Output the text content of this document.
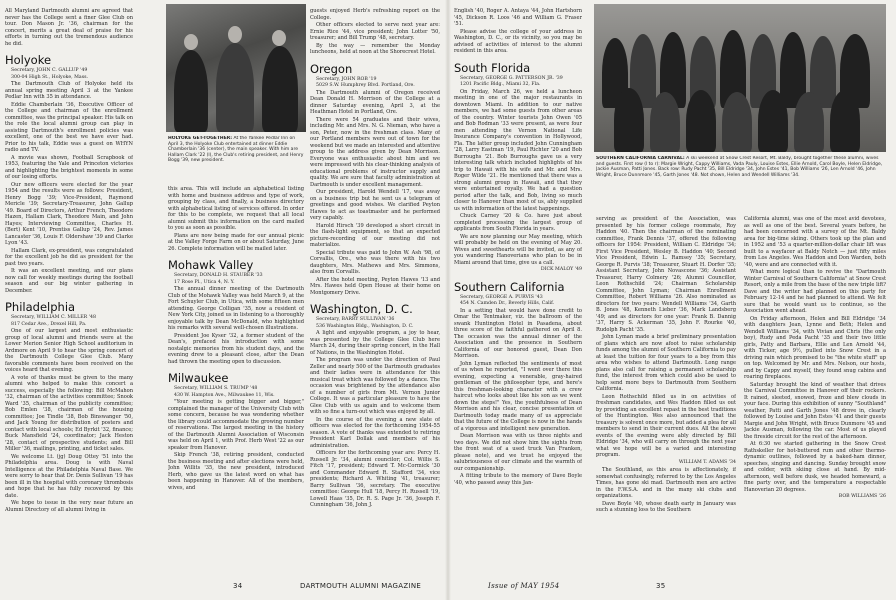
All Maryland Dartmouth alumni are agreed that never has the College sent a finer Glee Club on tour. Don Mason Jr. '36, chairman for the concert, merits a great deal of praise for his efforts in turning out the tremendous audience he did.

Holyoke

Secretary, JOHN C. GALLUP '49

300-04 High St., Holyoke, Mass.

The Dartmouth Club of Holyoke held its annual spring meeting April 3 at the Yankee Pedlar Inn with 35 in attendance.

Eddie Chamberlain '36, Executive Officer of the College and chairman of the enrollment committee, was the principal speaker. His talk on the role the local alumni group can play in assisting Dartmouth's enrollment policies was excellent, one of the best we have ever had. Prior to his talk, Eddie was a guest on WHYN radio and TV.

A movie was shown, Football Scrapbook of 1953, featuring the Yale and Princeton victories and highlighting the brightest moments in some of our losing efforts.

Our new officers were elected for the year 1954 and the results were as follows: President, Henry Bogg '39; Vice-President, Raymond Mericle '39; Secretary-Treasurer, John Gallup '49. Board of Directors, Arthur French, Theodore Hazen, Hallam Clark, Theodore Main, and John Hayes; Interviewing Committee, Charles H. (Bert) Kent '10, Prentiss Gallup '24, Rev. James Lancaster '36, Louis F. Oldershaw '39 and Clarke Lyon '43.

Hallam Clark, ex-president, was congratulated for the excellent job he did as president for the past two years.

It was an excellent meeting, and our plans now call for weekly meetings during the football season and our big winter gathering in December.

Philadelphia

Secretary, WILLIAM C. MILLER '48

817 Cedar Ave., Drexel Hill, Pa.

One of our largest and most enthusiastic group of local alumni and friends were at the Lower Merion Senior High School auditorium in Ardmore on April 9 to hear the spring concert of the Dartmouth College Glee Club. Many favorable comments have been received on the voices heard that evening.

A vote of thanks must be given to the many alumni who helped to make this concert a success, especially the following: Bill McMahon '32, chairman of the activities committee; Snook Ward '35, chairman of the publicity committee; Bob Emlen '38, chairman of the housing committee; Joe Tindle '38, Bob Binswanger '50, and Jack Young for distribution of posters and contact with local schools; Ed Byrkit '32, finance; Buck Mansfield '24, coordinator; Jack Heston '28, contact of prospective students; and Bill Miller '36, mailings, printing, and ticket sales.

We welcome Lt. (jg) Doug Ottey '51 into the Philadelphia area. Doug is with Naval Intelligence at the Philadelphia Naval Base. We were sorry to hear that Dr. Denis Sullivan '19 has been ill in the hospital with coronary thrombosis and hope that he has fully recovered by this date.

We hope to issue in the very near future an Alumni Directory of all alumni living in

HOLYOKE GET-TOGETHER: At the Yankee Pedlar Inn on April 3, the Holyoke Club entertained at dinner Eddie Chamberlain '36 (center), the main speaker. With him are Hallam Clark '22 (l), the Club's retiring president, and Henry Bogg '39, new president.

this area. This will include an alphabetical listing with home and business address and type of work, grouping by class, and finally, a business directory with alphabetical listing of services offered. In order for this to be complete, we request that all local alumni submit this information on the card mailed to you as soon as possible.

Plans are now being made for our annual picnic at the Valley Forge Farm on or about Saturday, June 26. Complete information will be mailed later.

Mohawk Valley

Secretary, DONALD H. STAUBER '33

17 Rose Pl., Utica 4, N. Y.

The annual dinner meeting of the Dartmouth Club of the Mohawk Valley was held March 9, at the Fort Schuyler Club, in Utica, with some fifteen men attending. George Colligan '35, now a resident of New York City, joined us in listening to a thoroughly enjoyable talk by Dean McDonald, who highlighted his remarks with several well-chosen illustrations.

President Joe Kyser '32, a former student of the Dean's, prefaced his introduction with some nostalgic memories from his student days, and the evening drew to a pleasant close, after the Dean had thrown the meeting open to discussion.

Milwaukee

Secretary, WILLIAM S. TRUMP '48

430 W. Hampton Ave., Milwaukee 11, Wis.

"Your meeting is getting bigger and bigger," complained the manager of the University Club with some concern, because he was wondering whether the library could accommodate the growing number of reservations. The largest meeting in the history of the Dartmouth Alumni Association of Wisconsin was held on April 1, with Prof. Herb West '22 as our speaker from Hanover.

Skip French '38, retiring president, conducted the business meeting and after elections were held, John Willits '35, the new president, introduced Herb, who gave us the latest word on what has been happening in Hanover. All of the members, wives, and

guests enjoyed Herb's refreshing report on the College.

Other officers elected to serve next year are: Ernie Rice '44, vice president; John Lotter '50, treasurer; and Bill Trump '48, secretary.

By the way — remember the Monday luncheons, held at noon at the Shorecrest Hotel.

Oregon

Secretary, JOHN ROB '19

5029 S.W. Humphrey Blvd. Portland, Ore.

The Dartmouth alumni of Oregon received Dean Donald H. Morrison of the College at a dinner Saturday evening, April 3, at the Heathman Hotel in Portland, Ore.

There were 54 graduates and their wives, including Mr. and Mrs. N. G. Nieman, who have a son, Peter, now in the freshman class. Many of our Portland members were out of town for the weekend but we made an interested and attentive group to the address given by Dean Morrison. Everyone was enthusiastic about him and we were impressed with his clear-thinking analysis of educational problems of instructor supply and quality. We are sure that faculty administration at Dartmouth is under excellent management.

Our president, Harold Wendell '17, was away on a business trip but he sent us a telegram of greetings and good wishes. We clarified Peyton Hawes to act as toastmaster and he performed very capably.

Harold Hirsch '39 developed a short circuit in the flash-light equipment, so that an expected picture-recording of our meeting did not materialize.

Special tribute was paid to John W. Ash '98, of Corvallis, Ore., who was there with his two daughters, Mrs. Mathews and Mrs. Simmons, also from Corvallis.

After the hotel meeting, Peyton Hawes '13 and Mrs. Hawes held Open House at their home on Montgomery Drive.

Washington, D. C.

Secretary, BARRY SULLIVAN '36

536 Washington Bldg., Washington, D. C.

A light and enjoyable program, a joy to hear, was presented by the College Glee Club here March 24, during their spring concert, in the Hall of Nations, in the Washington Hotel.

The program was under the direction of Paul Zeller and nearly 500 of the Dartmouth graduates and their ladies were in attendance for this musical treat which was followed by a dance. The occasion was brightened by the attendance also of a number of girls from Mt. Vernon Junior College. It was a particular pleasure to have the Glee Club with us again and to welcome them with so fine a turn-out which was enjoyed by all.

In the course of the evening a new slate of officers was elected for the forthcoming 1954-55 season. A vote of thanks was extended to retiring President Karl Dollak and members of his administration.

Officers for the forthcoming year are: Percy H. Russell Jr. '34, alumni councilor; Col. Willis S. Fitch '17, president; Edward T. Mc-Cormick '30 and Commander Edward R. Stafford '34, vice presidents; Richard A. Whiting '41, treasurer; Barry Sullivan '36, secretary. The executive committee: George Hull '18, Percy H. Russell '19, Lowell Haas '35, Dr. R. S. Page Jr. '36, Joseph F. Cunningham '36, John J.

34	DARTMOUTH ALUMNI MAGAZINE

English '40, Roger A. Antaya '44, John Hartshorn '45, Dickson R. Loos '46 and William G. Fraser '51.

Please advise the college of your address in Washington, D. C., or its vicinity, so you may be advised of activities of interest to the alumni resident in this area.

South Florida

Secretary, GEORGE G. PATTERSON JR. '39

1201 Pacific Bldg., Miami 32, Fla.

On Friday, March 26, we held a luncheon meeting in one of the major restaurants in downtown Miami. In addition to our native members, we had some guests from other areas of the country. Winter tourists John Owen '05 and Bob Rodman '33 were present, as were four men attending the Vernon National Life Insurance Company's convention in Hollywood, Fla. The latter group included John Cunningham '28, Larry Eastman '19, Paul Richter '20 and Bob Burroughs '21. Bob Burroughs gave us a very interesting talk which included highlights of his trip to Hawaii with his wife and Mr. and Mrs. Roger Wilde '21. He mentioned that there was a strong alumni group in Hawaii, and that they were entertained royally. We had a question period after the talk, and Bob, living so much closer to Hanover than most of us, ably supplied us with information of the latest happenings.

Chuck Carney '20 & Co. have just about completed processing the largest group of applicants from South Florida in years.

We are now planning our May meeting, which will probably be held on the evening of May 20. Wives and sweethearts will be invited, as any of you wandering Hanoverians who plan to be in Miami around that time, give us a call.

DICK MALOY '49

Southern California

Secretary, GEORGE A. PURVIS '43

454 N. Camden Dr., Beverly Hills, Calif.

In a setting that would have done credit to Omar the Tentmaker, viz. the ballroom of the swank Huntington Hotel in Pasadena, about three score of the faithful gathered on April 8. The occasion was the annual dinner of the Association and the presence in Southern California of our honored guest, Dean Don Morrison.

John Lyman reflected the sentiments of most of us when he reported, "I went over there this evening, expecting a venerable, gray-haired gentleman of the philosopher type, and here's this freshman-looking character with a crew haircut who looks about like his son as we went down the steps!" Yes, the youthfulness of Dean Morrison and his clear, concise presentation of Dartmouth today made many of us appreciate that the future of the College is now in the hands of a vigorous and intelligent new generation.

Dean Morrison was with us three nights and two days. We did not show him the sights from the front seat of a used truck Van Franken, please note), and we trust he enjoyed the salubriousness of our climate and the warmth of our companionship.

A fitting tribute to the memory of Dave Boyle '40, who passed away this Jan-

SOUTHERN CALIFORNIA CARNIVAL: A ski weekend at Snow Crest Resort, Mt. Baldy, brought together these alumni, wives and guests. First row (l to r): Margie Wright, Cappy Williams, Vada Pauly, Louise Estes, Ellie Arnold, Carol Boyle, Helen Eldridge, Jackie Ausman, Patti Jones. Back row: Rudy Pacht '35, Bill Eldridge '34, John Estes '41, Bob Williams '26, Len Arnold '46, John Wright, Bruce Dunnmore '45, Garth Jones '48. Not shown, Helen and Wendell Williams '34.

serving as president of the Association, was presented by his former college roommate, Roy Haddon '40. Then the chairman of the nominating committee, Frank Dennis '37, offered the following officers for 1954: President, William C. Eldridge '34; First Vice President, Wesley B. Haddon '40; Second Vice President, Edwin L. Ramsey '35; Secretary, George R. Purvis '38; Treasurer, Stuart H. Dorfer '35; Assistant Secretary, John Novascone '36; Assistant Treasurer, Harry Colmery '26; Alumni Councillor, Leon Rothschild '24; Chairman Scholarship Committee, John Lyman; Chairman Enrollment Committee, Robert Williams '26. Also nominated as directors for two years: Wendell Williams '34, Garth B. Jones '48, Kenneth Lieber '36, Mark Landsberg '49; and as directors for one year: Frank B. Dannig '37, Harry S. Ackerman '35, John F. Rourke '40, Rudolph Pacht '35.

John Lyman made a brief preliminary presentation of plans which are now afoot to raise scholarship funds among the alumni of Southern California to pay at least the tuition for four years to a boy from this area who wishes to attend Dartmouth. Long range plans also call for raising a permanent scholarship fund, the interest from which could also be used to help send more boys to Dartmouth from Southern California.

Leon Rothschild filled us in on activities of freshman candidates, and Wes Haddon filled us out by providing an excellent repast in the best traditions of the Huntington. Wes also announced that the treasury is solvent once more, but added a plea for all members to send in their current dues. All the above events of the evening were ably directed by Bill Eldridge '34, who will carry on through the next year what we hope will be a varied and interesting program.

WILLIAM T. ADAMS '34

The Southland, as this area is affectionately, if somewhat confusingly, referred to by the Los Angeles Times, has gone ski mad. Dartmouth men are active in the F.W.S.A. and in the many ski clubs and organizations.

Dave Boyle '40, whose death early in January was such a stunning loss to the Southern

California alumni, was one of the most avid devotees, as well as one of the best. Several years before, he had been concerned with a survey of the Mt. Baldy area for big-time skiing. Others took up the plan and in 1952 and '53 a quarter-million-dollar chair lift was built to a wayfacer at Baldy Notch — just fifty miles from Los Angeles. Wes Haddon and Don Warden, both '40, were and are connected with it.

What more logical than to revive the "Dartmouth Winter Carnival of Southern California" at Snow Crest Resort, only a mile from the base of the new triple lift? Dave and the writer had planned on this party for February 12-14 and he had planned to attend. We felt sure that he would want us to continue, so the Association went ahead.

On Friday afternoon, Helen and Bill Eldridge '34 with daughters Jean, Lynne and Beth; Helen and Wendell Williams '34, with Vivian and Chris (the only boy), Rudy and Peda Pacht '35 and their two little girls, Patty and Barbara, Ellie and Len Arnold '44, with Ticker, age 9½, pulled into Snow Crest in a driving rain which promised to be "the white stuff" up on top. Welcomed by Mr. and Mrs. Nelson, our hosts, and by Cappy and myself, they found snug cabins and roaring fireplaces.

Saturday brought the kind of weather that drives the Carnival Committee in Hanover off their rockers. It rained, sleeted, snowed, froze and blew clouds in your face. During this exhibition of sunny "Southland" weather, Patti and Garth Jones '48 drove in, clearly followed by Louise and John Estes '41 and their guests Margie and John Wright, with Bruce Dunmore '45 and Jackie Ausman, following the car. Most of us played the fireside circuit for the rest of the afternoon.

At 6:30 we started gathering in the Snow Crest Rathskeller for hot-buttered rum and other thermo-dynamic outlines, followed by a baked-ham dinner, speeches, singing and dancing. Sunday brought snow and colder, with skiing close at hand. By mid-afternoon, well before dusk, we headed homeward, a fine party over, and the temperature a respectable Hanoverian 20 degrees.

BOB WILLIAMS '26

Issue of MAY 1954	35
